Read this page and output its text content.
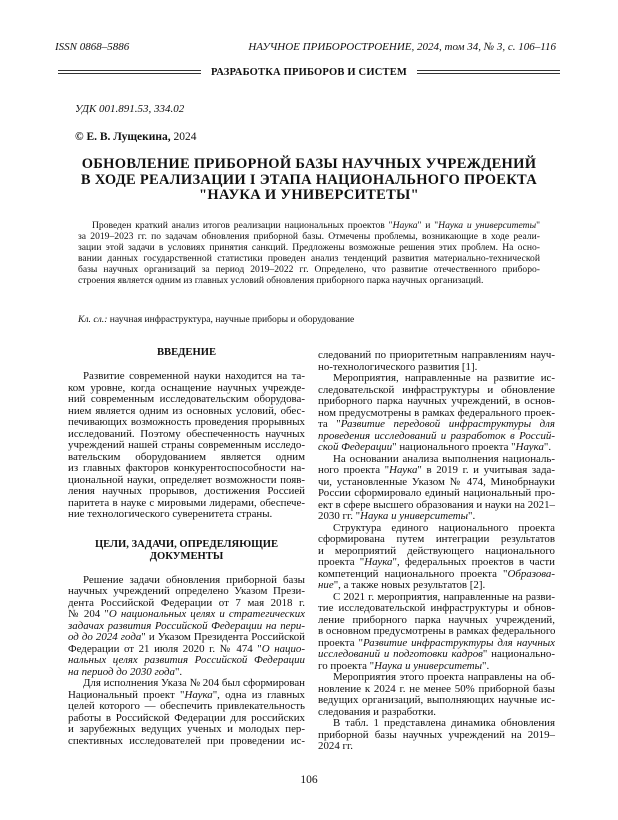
ISSN 0868–5886	НАУЧНОЕ ПРИБОРОСТРОЕНИЕ, 2024, том 34, № 3, с. 106–116
РАЗРАБОТКА ПРИБОРОВ И СИСТЕМ
УДК 001.891.53, 334.02
© Е. В. Лущекина, 2024
ОБНОВЛЕНИЕ ПРИБОРНОЙ БАЗЫ НАУЧНЫХ УЧРЕЖДЕНИЙ
В ХОДЕ РЕАЛИЗАЦИИ I ЭТАПА НАЦИОНАЛЬНОГО ПРОЕКТА
"НАУКА И УНИВЕРСИТЕТЫ"
Проведен краткий анализ итогов реализации национальных проектов "Наука" и "Наука и университеты"
за 2019–2023 гг. по задачам обновления приборной базы. Отмечены проблемы, возникающие в ходе реали-
зации этой задачи в условиях принятия санкций. Предложены возможные решения этих проблем. На осно-
вании данных государственной статистики проведен анализ тенденций развития материально-технической
базы научных организаций за период 2019–2022 гг. Определено, что развитие отечественного приборо-
строения является одним из главных условий обновления приборного парка научных организаций.
Кл. сл.: научная инфраструктура, научные приборы и оборудование
ВВЕДЕНИЕ
Развитие современной науки находится на та-
ком уровне, когда оснащение научных учрежде-
ний современным исследовательским оборудова-
нием является одним из основных условий, обес-
печивающих возможность проведения прорывных
исследований. Поэтому обеспеченность научных
учреждений нашей страны современным исследо-
вательским оборудованием является одним
из главных факторов конкурентоспособности на-
циональной науки, определяет возможности появ-
ления научных прорывов, достижения Россией
паритета в науке с мировыми лидерами, обеспече-
ние технологического суверенитета страны.
ЦЕЛИ, ЗАДАЧИ, ОПРЕДЕЛЯЮЩИЕ
ДОКУМЕНТЫ
Решение задачи обновления приборной базы
научных учреждений определено Указом Прези-
дента Российской Федерации от 7 мая 2018 г.
№ 204 "О национальных целях и стратегических
задачах развития Российской Федерации на пери-
од до 2024 года" и Указом Президента Российской
Федерации от 21 июля 2020 г. № 474 "О нацио-
нальных целях развития Российской Федерации
на период до 2030 года".
Для исполнения Указа № 204 был сформирован
Национальный проект "Наука", одна из главных
целей которого — обеспечить привлекательность
работы в Российской Федерации для российских
и зарубежных ведущих ученых и молодых пер-
спективных исследователей при проведении ис-
следований по приоритетным направлениям науч-
но-технологического развития [1].
Мероприятия, направленные на развитие ис-
следовательской инфраструктуры и обновление
приборного парка научных учреждений, в основ-
ном предусмотрены в рамках федерального проек-
та "Развитие передовой инфраструктуры для
проведения исследований и разработок в Россий-
ской Федерации" национального проекта "Наука".
На основании анализа выполнения националь-
ного проекта "Наука" в 2019 г. и учитывая зада-
чи, установленные Указом № 474, Минобрнауки
России сформировало единый национальный про-
ект в сфере высшего образования и науки на 2021–
2030 гг. "Наука и университеты".
Структура единого национального проекта
сформирована путем интеграции результатов
и мероприятий действующего национального
проекта "Наука", федеральных проектов в части
компетенций национального проекта "Образова-
ние", а также новых результатов [2].
С 2021 г. мероприятия, направленные на разви-
тие исследовательской инфраструктуры и обнов-
ление приборного парка научных учреждений,
в основном предусмотрены в рамках федерального
проекта "Развитие инфраструктуры для научных
исследований и подготовки кадров" национально-
го проекта "Наука и университеты".
Мероприятия этого проекта направлены на об-
новление к 2024 г. не менее 50% приборной базы
ведущих организаций, выполняющих научные ис-
следования и разработки.
В табл. 1 представлена динамика обновления
приборной базы научных учреждений на 2019–
2024 гг.
106
